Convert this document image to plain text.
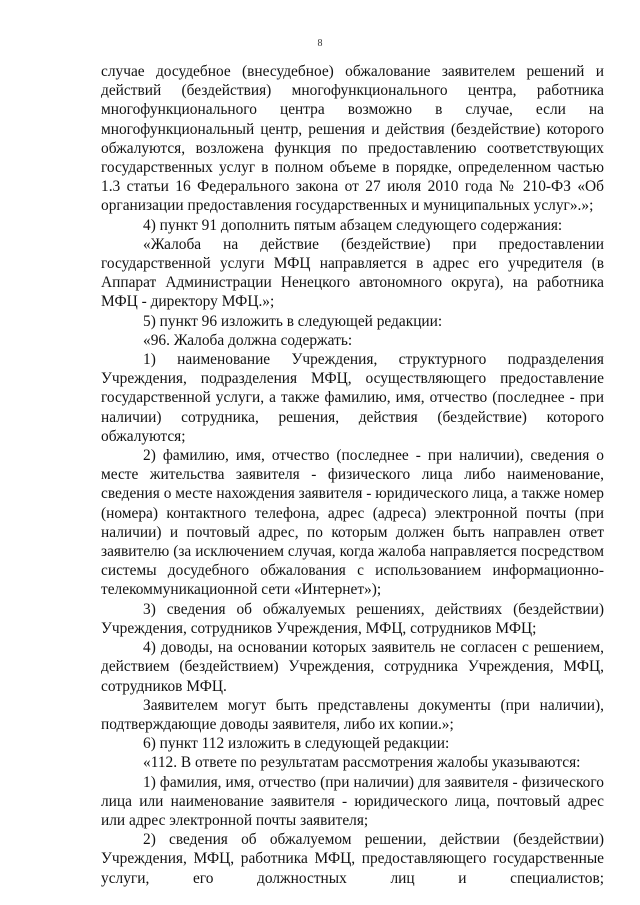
8

случае досудебное (внесудебное) обжалование заявителем решений и действий (бездействия) многофункционального центра, работника многофункционального центра возможно в случае, если на многофункциональный центр, решения и действия (бездействие) которого обжалуются, возложена функция по предоставлению соответствующих государственных услуг в полном объеме в порядке, определенном частью 1.3 статьи 16 Федерального закона от 27 июля 2010 года № 210-ФЗ «Об организации предоставления государственных и муниципальных услуг».»;

4) пункт 91 дополнить пятым абзацем следующего содержания:

«Жалоба на действие (бездействие) при предоставлении государственной услуги МФЦ направляется в адрес его учредителя (в Аппарат Администрации Ненецкого автономного округа), на работника МФЦ - директору МФЦ.»;

5) пункт 96 изложить в следующей редакции:

«96. Жалоба должна содержать:

1) наименование Учреждения, структурного подразделения Учреждения, подразделения МФЦ, осуществляющего предоставление государственной услуги, а также фамилию, имя, отчество (последнее - при наличии) сотрудника, решения, действия (бездействие) которого обжалуются;

2) фамилию, имя, отчество (последнее - при наличии), сведения о месте жительства заявителя - физического лица либо наименование, сведения о месте нахождения заявителя - юридического лица, а также номер (номера) контактного телефона, адрес (адреса) электронной почты (при наличии) и почтовый адрес, по которым должен быть направлен ответ заявителю (за исключением случая, когда жалоба направляется посредством системы досудебного обжалования с использованием информационно-телекоммуникационной сети «Интернет»);

3) сведения об обжалуемых решениях, действиях (бездействии) Учреждения, сотрудников Учреждения, МФЦ, сотрудников МФЦ;

4) доводы, на основании которых заявитель не согласен с решением, действием (бездействием) Учреждения, сотрудника Учреждения, МФЦ, сотрудников МФЦ.

Заявителем могут быть представлены документы (при наличии), подтверждающие доводы заявителя, либо их копии.»;

6) пункт 112 изложить в следующей редакции:

«112. В ответе по результатам рассмотрения жалобы указываются:

1) фамилия, имя, отчество (при наличии) для заявителя - физического лица или наименование заявителя - юридического лица, почтовый адрес или адрес электронной почты заявителя;

2) сведения об обжалуемом решении, действии (бездействии) Учреждения, МФЦ, работника МФЦ, предоставляющего государственные услуги, его должностных лиц и специалистов;
